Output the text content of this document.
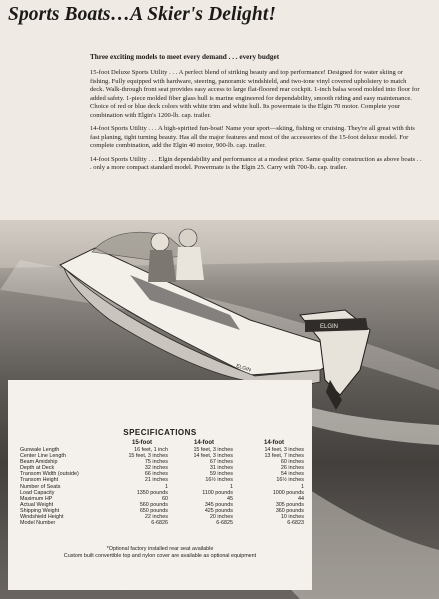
Sports Boats…A Skier's Delight!
Three exciting models to meet every demand . . . every budget

15-foot Deluxe Sports Utility . . . A perfect blend of striking beauty and top performance! Designed for water skiing or fishing. Fully equipped with hardware, steering, panoramic windshield, and two-tone vinyl covered upholstery to match deck. Walk-through front seat provides easy access to large flat-floored rear cockpit. 1-inch balsa wood molded into floor for added safety. 1-piece molded fiber glass hull is marine engineered for dependability, smooth riding and easy maintenance. Choice of red or blue deck colors with white trim and white hull. Its powermate is the Elgin 70 motor. Complete your combination with Elgin's 1200-lb. cap. trailer.

14-foot Sports Utility . . . A high-spirited fun-boat! Name your sport—skiing, fishing or cruising. They're all great with this fast planing, tight turning beauty. Has all the major features and most of the accessories of the 15-foot deluxe model. For complete combination, add the Elgin 40 motor, 900-lb. cap. trailer.

14-foot Sports Utility . . . Elgin dependability and performance at a modest price. Same quality construction as above boats . . . only a more compact standard model. Powermate is the Elgin 25. Carry with 700-lb. cap. trailer.

ELGIN
ELGIN
SPECIFICATIONS
15-foot	14-foot	14-foot
Gunwale Length	16 feet, 1 inch	15 feet, 3 inches	14 feet, 3 inches
Center Line Length	15 feet, 3 inches	14 feet, 3 inches	13 feet, 7 inches
Beam Amidship	75 inches	67 inches	60 inches
Depth at Deck	32 inches	31 inches	26 inches
Transom Width (outside)	66 inches	59 inches	54 inches
Transom Height	21 inches	16½ inches	16½ inches
Number of Seats	1	1	1
Load Capacity	1350 pounds	1100 pounds	1000 pounds
Maximum HP	60	45	44
Actual Weight	560 pounds	345 pounds	305 pounds
Shipping Weight	650 pounds	425 pounds	360 pounds
Windshield Height	22 inches	20 inches	10 inches
Model Number	6-6826	6-6825	6-6823
*Optional factory installed rear seat available
Custom built convertible top and nylon cover are available as optional equipment
